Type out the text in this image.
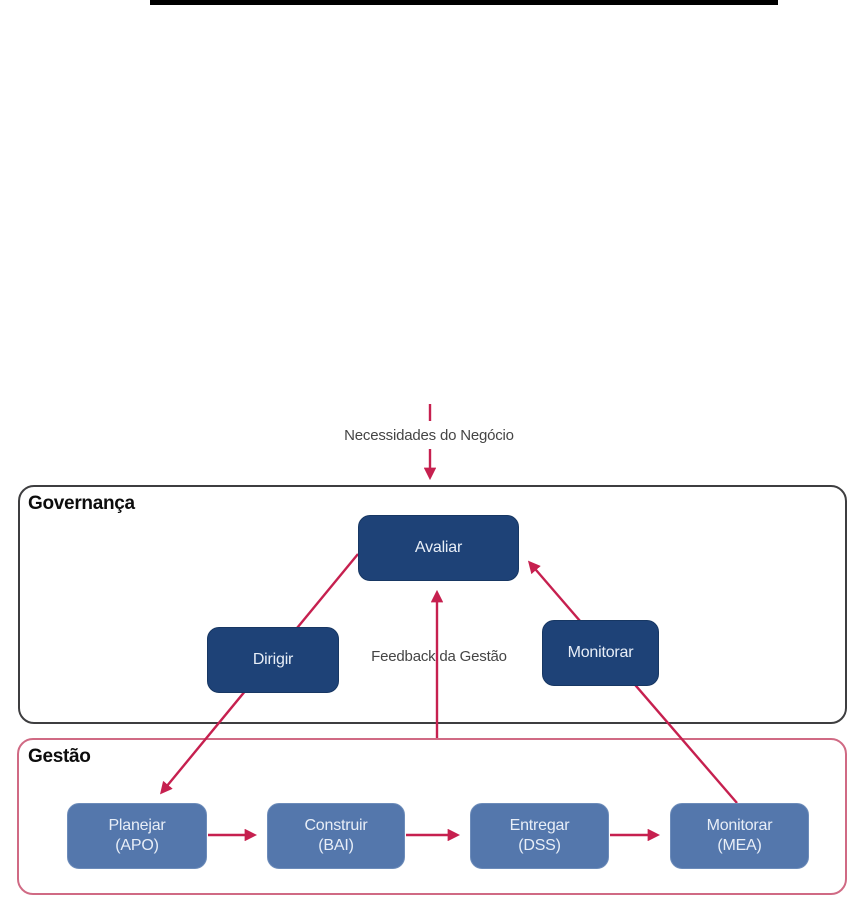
Necessidades do Negócio
Feedback da Gestão
Governança
Gestão
Avaliar
Dirigir	Monitorar
Planejar
(APO)
Construir
(BAI)
Entregar
(DSS)
Monitorar
(MEA)
